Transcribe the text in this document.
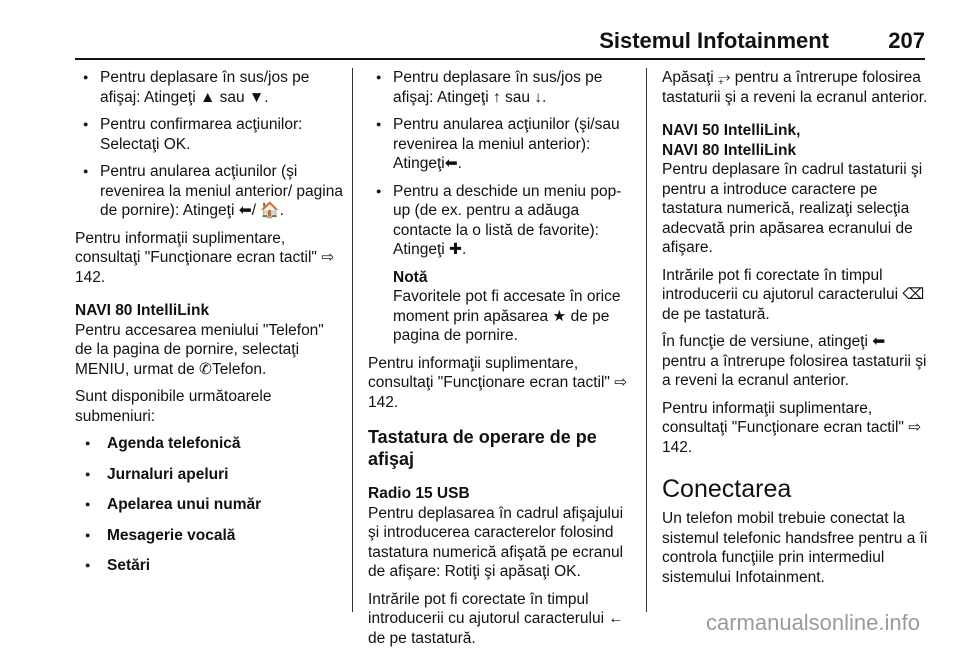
Sistemul Infotainment	207
● Pentru deplasare în sus/jos pe afişaj: Atingeţi ▲ sau ▼.
● Pentru confirmarea acţiunilor: Selectaţi OK.
● Pentru anularea acţiunilor (şi revenirea la meniul anterior/ pagina de pornire): Atingeţi ⬅/ 🏠.

Pentru informaţii suplimentare, consultaţi "Funcţionare ecran tactil" ⇨ 142.

NAVI 80 IntelliLink

Pentru accesarea meniului "Telefon" de la pagina de pornire, selectaţi MENIU, urmat de ✆Telefon.

Sunt disponibile următoarele submeniuri:

● Agenda telefonică
● Jurnaluri apeluri
● Apelarea unui număr
● Mesagerie vocală
● Setări
● Pentru deplasare în sus/jos pe afişaj: Atingeţi ↑ sau ↓.
● Pentru anularea acţiunilor (şi/sau revenirea la meniul anterior): Atingeţi⬅.
● Pentru a deschide un meniu pop-up (de ex. pentru a adăuga contacte la o listă de favorite): Atingeţi ✚.
Notă
Favoritele pot fi accesate în orice moment prin apăsarea ★ de pe pagina de pornire.

Pentru informaţii suplimentare, consultaţi "Funcţionare ecran tactil" ⇨ 142.

Tastatura de operare de pe afişaj

Radio 15 USB

Pentru deplasarea în cadrul afişajului şi introducerea caracterelor folosind tastatura numerică afişată pe ecranul de afişare: Rotiţi şi apăsaţi OK.

Intrările pot fi corectate în timpul introducerii cu ajutorul caracterului ← de pe tastatură.

Apăsaţi ⥅ pentru a întrerupe folosirea tastaturii şi a reveni la ecranul anterior.

NAVI 50 IntelliLink,

NAVI 80 IntelliLink

Pentru deplasare în cadrul tastaturii şi pentru a introduce caractere pe tastatura numerică, realizaţi selecţia adecvată prin apăsarea ecranului de afişare.

Intrările pot fi corectate în timpul introducerii cu ajutorul caracterului ⌫ de pe tastatură.

În funcţie de versiune, atingeţi ⬅ pentru a întrerupe folosirea tastaturii şi a reveni la ecranul anterior.

Pentru informaţii suplimentare, consultaţi "Funcţionare ecran tactil" ⇨ 142.

Conectarea

Un telefon mobil trebuie conectat la sistemul telefonic handsfree pentru a îi controla funcţiile prin intermediul sistemului Infotainment.

carmanualsonline.info
